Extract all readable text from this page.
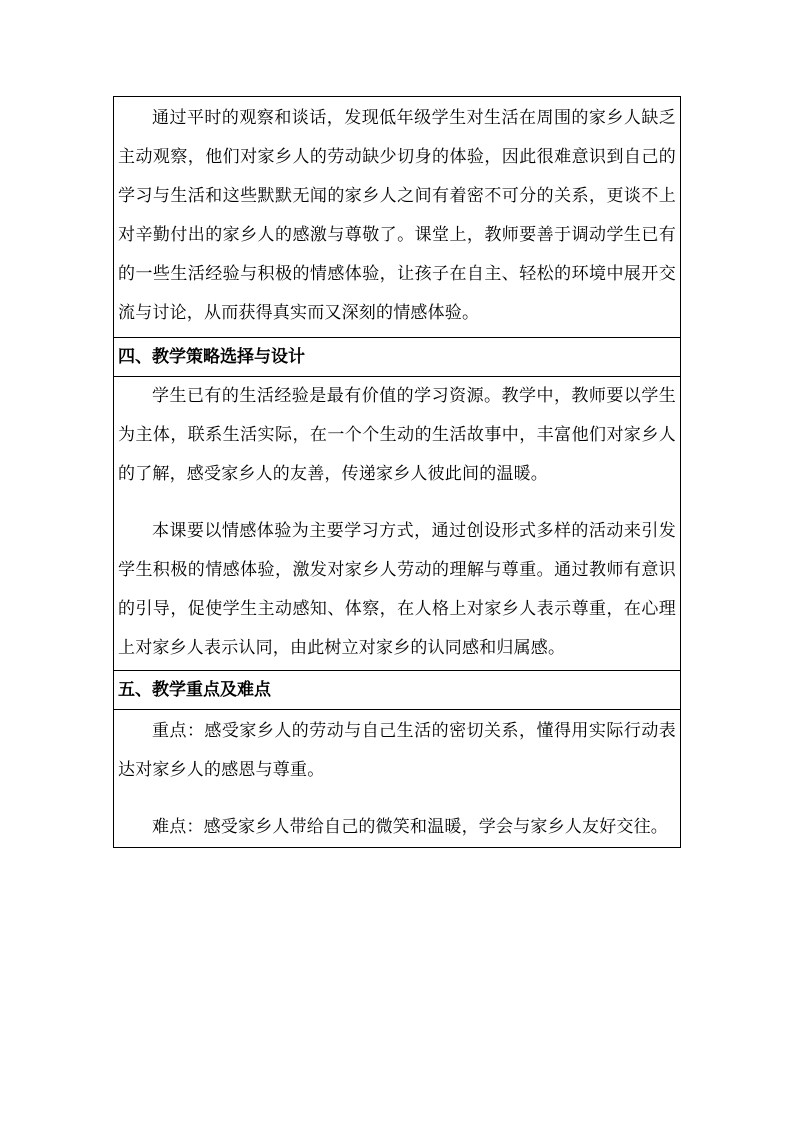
通过平时的观察和谈话，发现低年级学生对生活在周围的家乡人缺乏主动观察，他们对家乡人的劳动缺少切身的体验，因此很难意识到自己的学习与生活和这些默默无闻的家乡人之间有着密不可分的关系，更谈不上对辛勤付出的家乡人的感激与尊敬了。课堂上，教师要善于调动学生已有的一些生活经验与积极的情感体验，让孩子在自主、轻松的环境中展开交流与讨论，从而获得真实而又深刻的情感体验。

四、教学策略选择与设计

学生已有的生活经验是最有价值的学习资源。教学中，教师要以学生为主体，联系生活实际，在一个个生动的生活故事中，丰富他们对家乡人的了解，感受家乡人的友善，传递家乡人彼此间的温暖。

本课要以情感体验为主要学习方式，通过创设形式多样的活动来引发学生积极的情感体验，激发对家乡人劳动的理解与尊重。通过教师有意识的引导，促使学生主动感知、体察，在人格上对家乡人表示尊重，在心理上对家乡人表示认同，由此树立对家乡的认同感和归属感。

五、教学重点及难点

重点：感受家乡人的劳动与自己生活的密切关系，懂得用实际行动表达对家乡人的感恩与尊重。

难点：感受家乡人带给自己的微笑和温暖，学会与家乡人友好交往。
